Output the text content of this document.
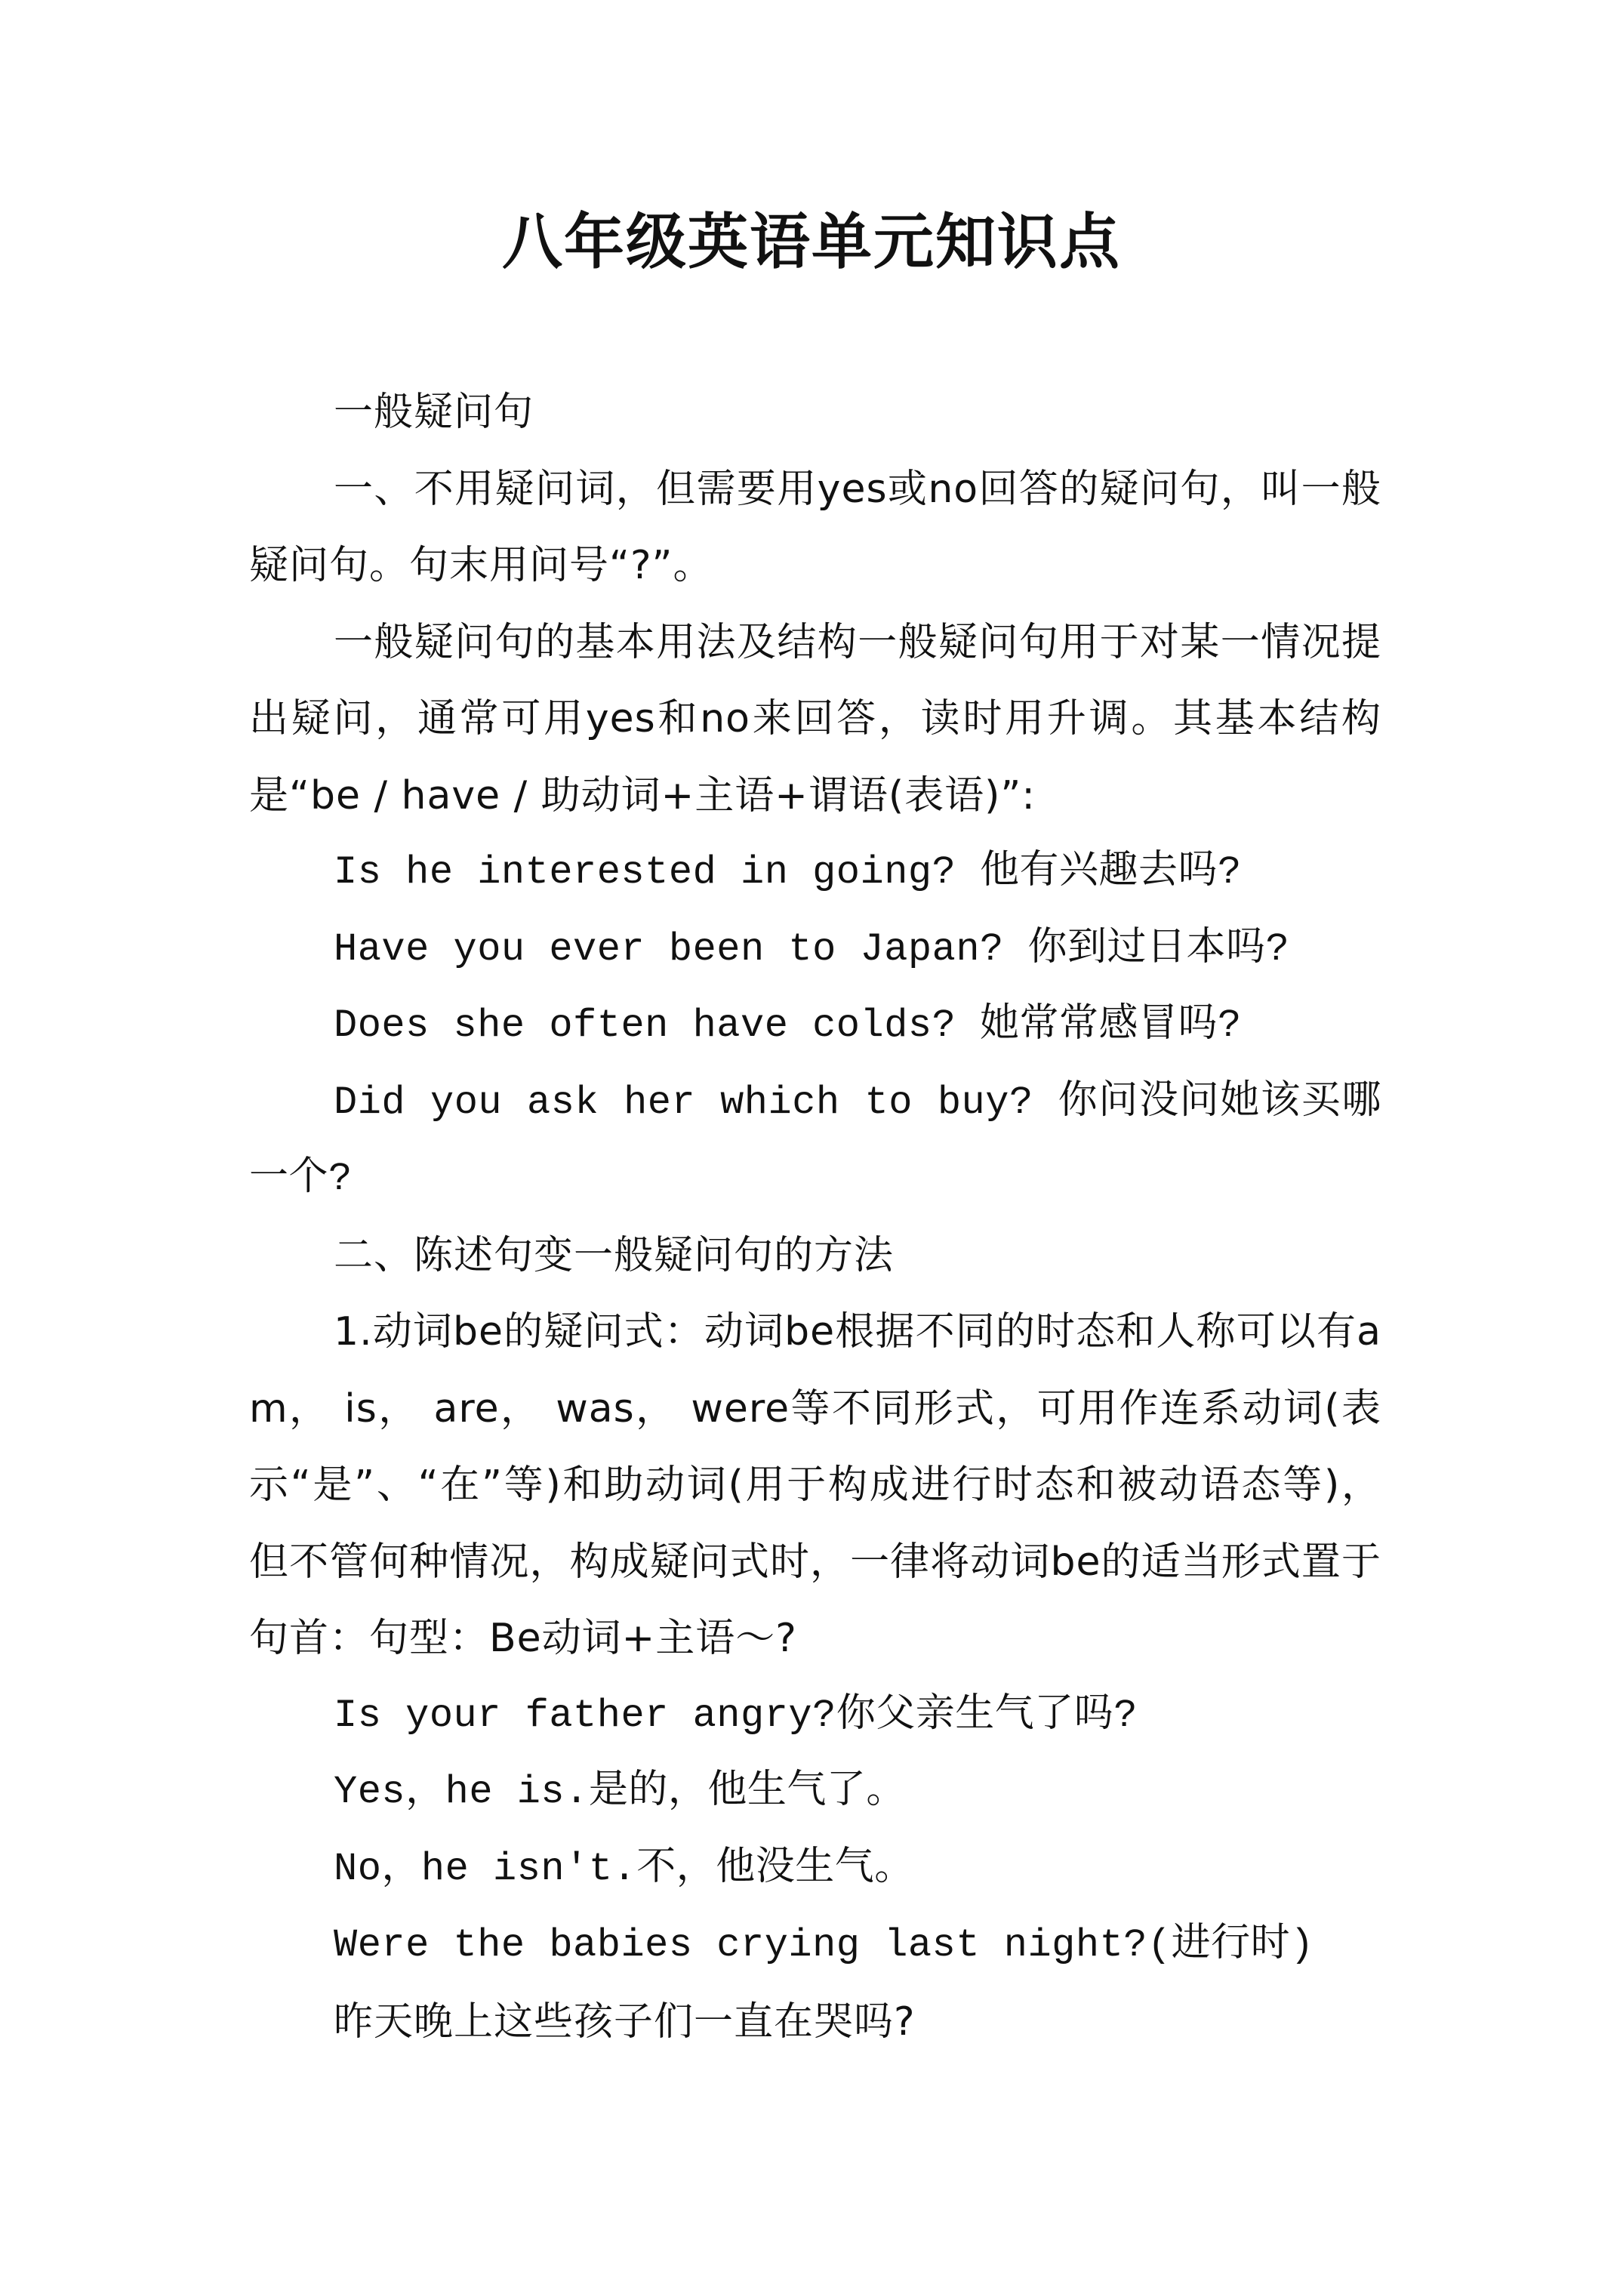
八年级英语单元知识点

一般疑问句

一、不用疑问词，但需要用yes或no回答的疑问句，叫一般疑问句。句末用问号“?”。

一般疑问句的基本用法及结构一般疑问句用于对某一情况提出疑问，通常可用yes和no来回答，读时用升调。其基本结构是“be / have / 助动词+主语+谓语(表语)”:

Is he interested in going? 他有兴趣去吗?

Have you ever been to Japan? 你到过日本吗?

Does she often have colds? 她常常感冒吗?

Did you ask her which to buy? 你问没问她该买哪一个?

二、陈述句变一般疑问句的方法

1.动词be的疑问式：动词be根据不同的时态和人称可以有am， is， are， was， were等不同形式，可用作连系动词(表示“是”、“在”等)和助动词(用于构成进行时态和被动语态等)，但不管何种情况，构成疑问式时，一律将动词be的适当形式置于句首：句型：Be动词+主语～?

Is your father angry?你父亲生气了吗?

Yes，he is.是的，他生气了。

No，he isn't.不，他没生气。

Were the babies crying last night?(进行时)

昨天晚上这些孩子们一直在哭吗?
